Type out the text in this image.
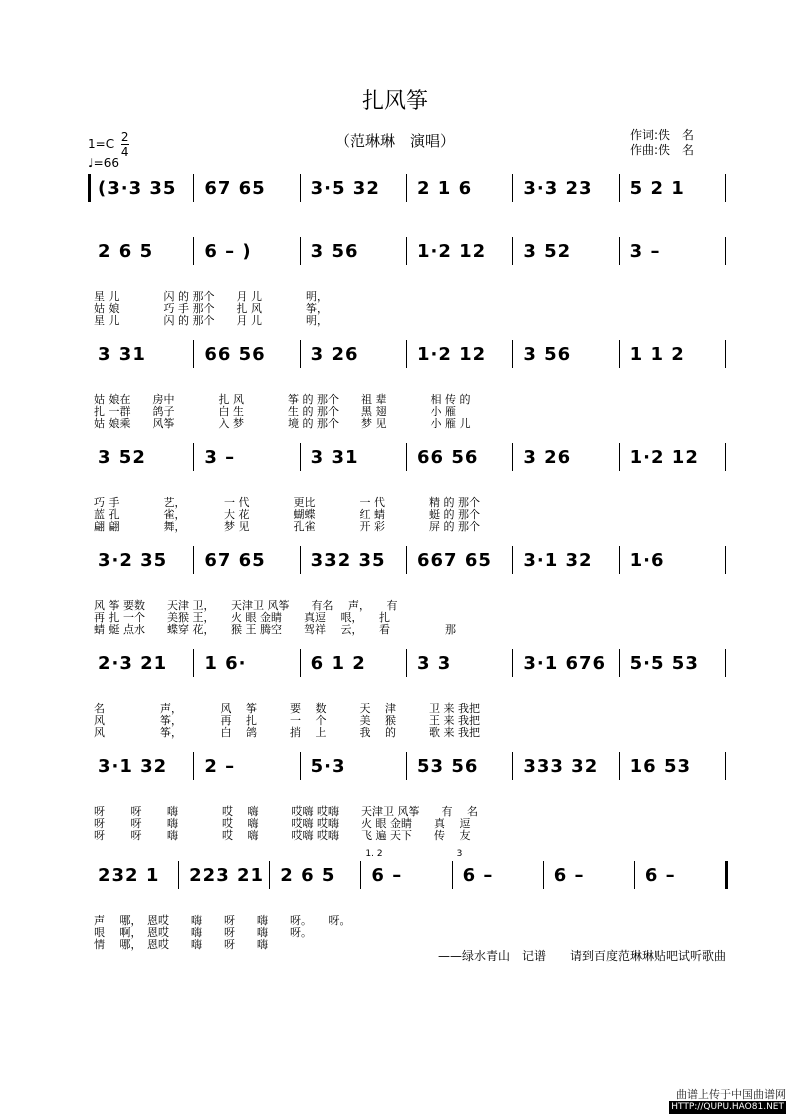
扎风筝
（范琳琳　演唱）	作词:佚　名
作曲:佚　名
$1=C \frac{2}{4}$
♩=66
(3·3 35 67 65 3·5 32 2 1 6	3·3 23 5 2 1
2 6 5	6 – )	3 56	1·2 12 3 52	3 –
星 儿　　　　闪 的 那个　　月 儿　　　　明，
姑 娘　　　　巧 手 那个　　扎 风　　　　筝，
星 儿　　　　闪 的 那个　　月 儿　　　　明，
3 31	66 56 3 26	1·2 12 3 56	1 1 2
姑 娘在　　房中　　　　扎 风　　　　筝 的 那个　　祖 辈　　　　相 传 的
扎 一群　　鸽子　　　　白 生　　　　生 的 那个　　黑 翅　　　　小 雁
姑 娘乘　　风筝　　　　入 梦　　　　境 的 那个　　梦 见　　　　小 雁 儿
3 52	3 –	3 31	66 56 3 26	1·2 12
巧 手　　　　艺，　　　　一 代　　　　更比　　　　一 代　　　　精 的 那个
蓝 孔　　　　雀，　　　　大 花　　　　蝴蝶　　　　红 蜻　　　　蜓 的 那个
翩 翩　　　　舞，　　　　梦 见　　　　孔雀　　　　开 彩　　　　屏 的 那个
3·2 35 67 65 332 35 667 65 3·1 32 1·6
风 筝 要数　　天津 卫，　　天津卫 风筝　　有名　 声，　　有
再 扎 一个　　美猴 王，　　火 眼 金睛　　真逗　 哏，　　扎
蜻 蜓 点水　　蝶穿 花，　　猴 王 腾空　　驾祥　 云，　　看　　　　　那
2·3 21 1 6·	6 1 2	3 3	3·1 676 5·5 53
名　　　　　声，　　　　风　 筝　　　要　 数　　　天　 津　　　卫 来 我把
风　　　　　筝，　　　　再　 扎　　　一　 个　　　美　 猴　　　王 来 我把
风　　　　　筝，　　　　白　 鸽　　　捎　 上　　　我　 的　　　歌 来 我把
3·1 32 2 –	5·3	53 56 333 32 16 53
呀　　 呀　　 嗨　　　　哎　 嗨　　　哎嗨 哎嗨　　天津卫 风筝　　有　 名
呀　　 呀　　 嗨　　　　哎　 嗨　　　哎嗨 哎嗨　　火 眼 金睛　　真　 逗
呀　　 呀　　 嗨　　　　哎　 嗨　　　哎嗨 哎嗨　　飞 遍 天下　　传　 友
232 1 223 21 2 6 5 6 –	6 –	6 –	6 –
声　 哪，　恩哎　　嗨　　呀　　嗨　　呀。　　呀。
哏　 啊，　恩哎　　嗨　　呀　　嗨　　呀。
情　 哪，　恩哎　　嗨　　呀　　嗨
1. 2	3
——绿水青山　记谱　　请到百度范琳琳贴吧试听歌曲
曲谱上传于中国曲谱网
HTTP://QUPU.HAO81.NET
